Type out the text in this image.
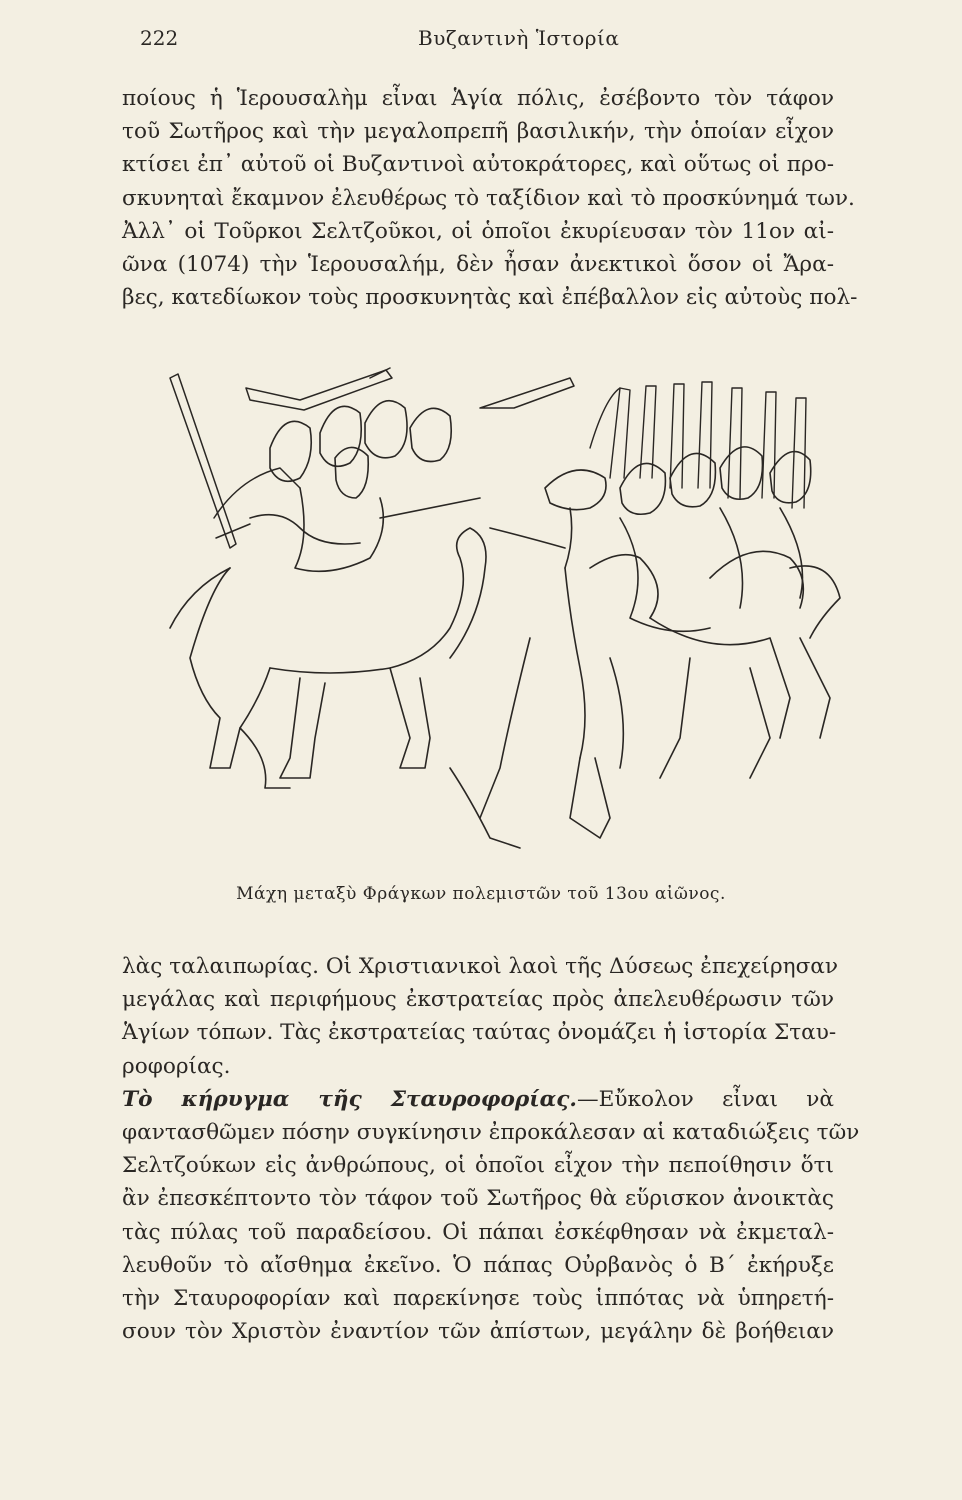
222	Βυζαντινὴ Ἱστορία
ποίους ἡ Ἱερουσαλὴμ εἶναι Ἁγία πόλις, ἐσέβοντο τὸν τάφον
τοῦ Σωτῆρος καὶ τὴν μεγαλοπρεπῆ βασιλικήν, τὴν ὁποίαν εἶχον
κτίσει ἐπ᾽ αὐτοῦ οἱ Βυζαντινοὶ αὐτοκράτορες, καὶ οὕτως οἱ προ-
σκυνηταὶ ἔκαμνον ἐλευθέρως τὸ ταξίδιον καὶ τὸ προσκύνημά των.
Ἀλλ᾽ οἱ Τοῦρκοι Σελτζοῦκοι, οἱ ὁποῖοι ἐκυρίευσαν τὸν 11ον αἰ-
ῶνα (1074) τὴν Ἱερουσαλήμ, δὲν ἦσαν ἀνεκτικοὶ ὅσον οἱ Ἄρα-
βες, κατεδίωκον τοὺς προσκυνητὰς καὶ ἐπέβαλλον εἰς αὐτοὺς πολ-
Μάχη μεταξὺ Φράγκων πολεμιστῶν τοῦ 13ου αἰῶνος.
λὰς ταλαιπωρίας. Οἱ Χριστιανικοὶ λαοὶ τῆς Δύσεως ἐπεχείρησαν
μεγάλας καὶ περιφήμους ἐκστρατείας πρὸς ἀπελευθέρωσιν τῶν
Ἁγίων τόπων. Τὰς ἐκστρατείας ταύτας ὀνομάζει ἡ ἱστορία Σταυ-
ροφορίας.
Τὸ κήρυγμα τῆς Σταυροφορίας.—Εὔκολον εἶναι νὰ
φαντασθῶμεν πόσην συγκίνησιν ἐπροκάλεσαν αἱ καταδιώξεις τῶν
Σελτζούκων εἰς ἀνθρώπους, οἱ ὁποῖοι εἶχον τὴν πεποίθησιν ὅτι
ἂν ἐπεσκέπτοντο τὸν τάφον τοῦ Σωτῆρος θὰ εὕρισκον ἀνοικτὰς
τὰς πύλας τοῦ παραδείσου. Οἱ πάπαι ἐσκέφθησαν νὰ ἐκμεταλ-
λευθοῦν τὸ αἴσθημα ἐκεῖνο. Ὁ πάπας Οὐρβανὸς ὁ Β´ ἐκήρυξε
τὴν Σταυροφορίαν καὶ παρεκίνησε τοὺς ἱππότας νὰ ὑπηρετή-
σουν τὸν Χριστὸν ἐναντίον τῶν ἀπίστων, μεγάλην δὲ βοήθειαν
